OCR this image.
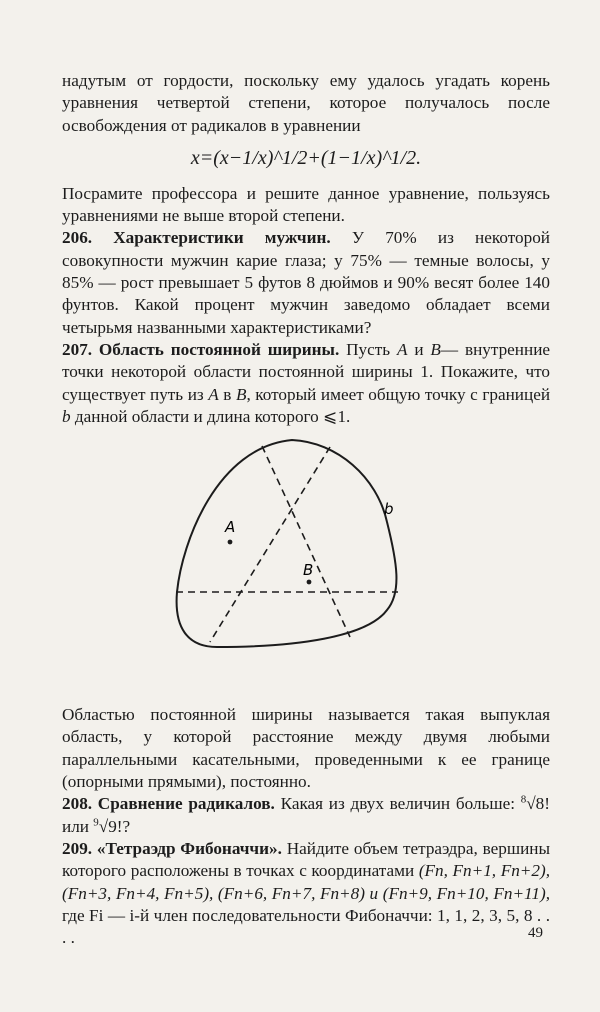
надутым от гордости, поскольку ему удалось угадать корень уравнения четвертой степени, которое получалось после освобождения от радикалов в уравнении

x=(x−1/x)^1/2+(1−1/x)^1/2.

Посрамите профессора и решите данное уравнение, пользуясь уравнениями не выше второй степени.

206. Характеристики мужчин. У 70% из некоторой совокупности мужчин карие глаза; у 75% — темные волосы, у 85% — рост превышает 5 футов 8 дюймов и 90% весят более 140 фунтов. Какой процент мужчин заведомо обладает всеми четырьмя названными характеристиками?

207. Область постоянной ширины. Пусть A и B— внутренние точки некоторой области постоянной ширины 1. Покажите, что существует путь из A в B, который имеет общую точку с границей b данной области и длина которого ⩽1.

A
B
b

Областью постоянной ширины называется такая выпуклая область, у которой расстояние между двумя любыми параллельными касательными, проведенными к ее границе (опорными прямыми), постоянно.

208. Сравнение радикалов. Какая из двух величин больше: $^8$√8! или $^9$√9!?

209. «Тетраэдр Фибоначчи». Найдите объем тетраэдра, вершины которого расположены в точках с координатами (Fn, Fn+1, Fn+2), (Fn+3, Fn+4, Fn+5), (Fn+6, Fn+7, Fn+8) и (Fn+9, Fn+10, Fn+11), где Fi — i-й член последовательности Фибоначчи: 1, 1, 2, 3, 5, 8 . . . .	49
